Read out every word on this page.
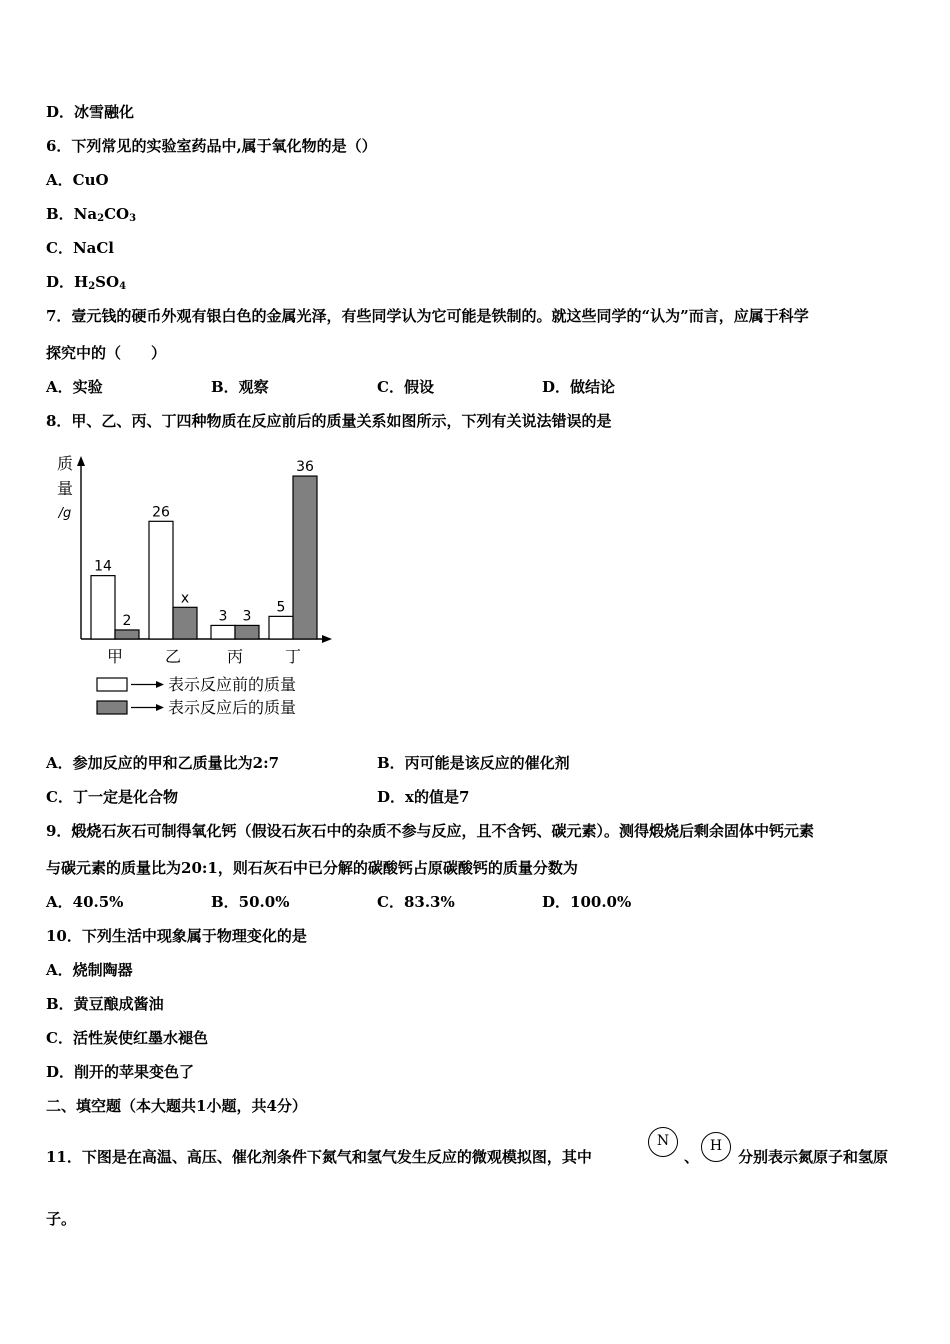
D．冰雪融化
6．下列常见的实验室药品中,属于氧化物的是（）
A．CuO
B．$Na_2CO_3$
C．NaCl
D．$H_2SO_4$
7．壹元钱的硬币外观有银白色的金属光泽，有些同学认为它可能是铁制的。就这些同学的“认为”而言，应属于科学
探究中的（　　）
A．实验	B．观察	C．假设	D．做结论
8．甲、乙、丙、丁四种物质在反应前后的质量关系如图所示，下列有关说法错误的是
质
量
/g
14
2
26
x
3 3
5
36
甲	乙	丙	丁
表示反应前的质量
表示反应后的质量
A．参加反应的甲和乙质量比为2:7	B．丙可能是该反应的催化剂
C．丁一定是化合物	D．x的值是7
9．煅烧石灰石可制得氧化钙（假设石灰石中的杂质不参与反应，且不含钙、碳元素）。测得煅烧后剩余固体中钙元素
与碳元素的质量比为20:1，则石灰石中已分解的碳酸钙占原碳酸钙的质量分数为
A．40.5%	B．50.0%	C．83.3%	D．100.0%
10．下列生活中现象属于物理变化的是
A．烧制陶器
B．黄豆酿成酱油
C．活性炭使红墨水褪色
D．削开的苹果变色了
二、填空题（本大题共1小题，共4分）
11．下图是在高温、高压、催化剂条件下氮气和氢气发生反应的微观模拟图，其中
N
、
H
分别表示氮原子和氢原
子。
